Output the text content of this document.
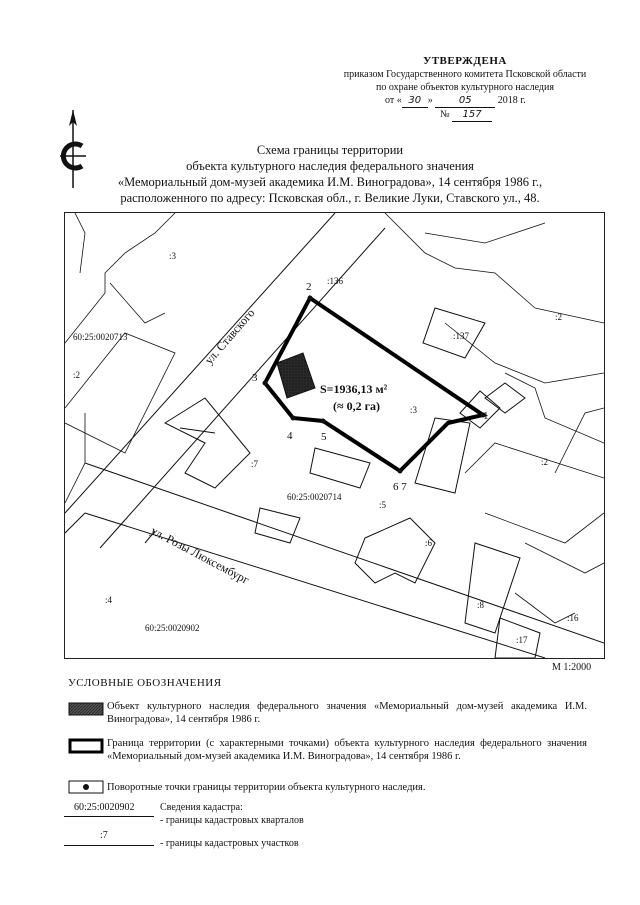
УТВЕРЖДЕНА
приказом Государственного комитета Псковской области
по охране объектов культурного наследия
от « 30 »	05	2018 г.
№ 157
Схема границы территории
объекта культурного наследия федерального значения
«Мемориальный дом-музей академика И.М. Виноградова», 14 сентября 1986 г.,
расположенного по адресу: Псковская обл., г. Великие Луки, Ставского ул., 48.
ул. Ставского
ул. Розы Люксембург
:3
:136
:2
:137
:2
:3
:7	:2
:5
:6
:8
:16
:17
:4
60:25:0020713
60:25:0020714
60:25:0020902
1
2
3
4	5
6 7
S=1936,13 м²
(≈ 0,2 га)
М 1:2000
УСЛОВНЫЕ ОБОЗНАЧЕНИЯ
Объект культурного наследия федерального значения «Мемориальный дом-музей академика И.М. Виноградова», 14 сентября 1986 г.
Граница территории (с характерными точками) объекта культурного наследия федерального значения «Мемориальный дом-музей академика И.М. Виноградова», 14 сентября 1986 г.
Поворотные точки границы территории объекта культурного наследия.
60:25:0020902	Сведения кадастра:
- границы кадастровых кварталов
:7
- границы кадастровых участков
